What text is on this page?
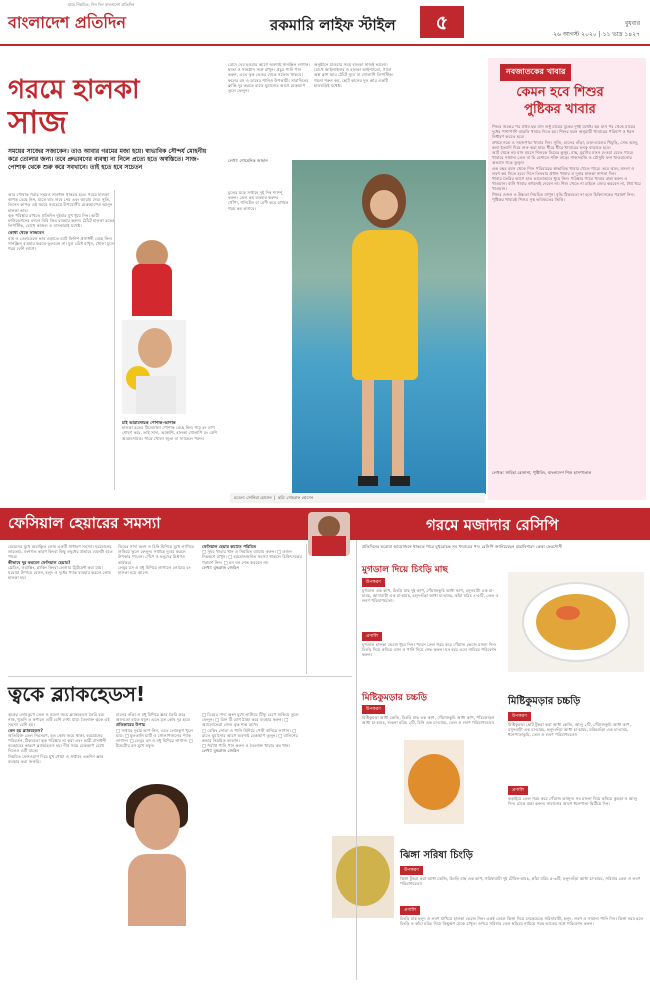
মাহে নিয়মিত, দিন দিন বাংলাদেশ প্রতিদিন
বাংলাদেশ প্রতিদিন	রকমারি লাইফ স্টাইল	৫	বুধবার
২৬ আগস্ট ২০২০ | ১১ ভাদ্র ১৪২৭
গরমে হালকা
সাজ
সময়ের সাজের সজাকেন। তাও আবার গরমের মজা হয়ে। স্বাভাবিক সৌন্দর্য মোহনীয় করে তোলার জন্য। তবে প্রুভাবণের ব্যবস্থা না নিলে প্রত্যে হতে অস্বস্তিতে। সাজ-পোশাক থেকে শুরু করে সবখানে। তাই হতে হবে সচেতন
আর পোষাক পরার সময়ও সাবধান থাকতে হবে। গরমে হালকা কাপড় বেছে নিন, যাতে ঘাম শুষে নেয় এবং আরাম দেয়। সুতি, লিনেন কাপড় এই সময়ে সবচেয়ে উপযোগী। মেকআপেও আনুন হালকা ভাব।
ত্বক পরিষ্কার রাখতে প্রতিদিন দুইবার মুখ ধুয়ে নিন। ভারী ফাউন্ডেশনের বদলে বিবি ক্রিম ব্যবহার করুন। ঠোঁটে হালকা রঙের লিপস্টিক, চোখে কাজল ও মাসকারাই যথেষ্ট।
কোথা থেকে সাজবেন
ঘাম ও তেলতেলে ভাব এড়াতে ম্যাট ফিনিশ প্রসাধনী বেছে নিন। সানস্ক্রিন ব্যবহার করতে ভুলবেন না। চুল বেঁধে রাখুন, খোলা চুলে গরম বেশি লাগে।
চাই আরামদায়ক পোশাক-আশাক
হালকা রঙের ঢিলেঢালা পোশাক বেছে নিন। গাঢ় রং তাপ শোষণ করে, তাই সাদা, আকাশি, হালকা গোলাপি রং বেশি আরামদায়ক। পায়ে খোলা জুতা বা স্যান্ডেল পরুন।
রোদে বের হওয়ার আগে অবশ্যই সানস্ক্রিন লাগান। ছাতা ও সানগ্লাস সঙ্গে রাখুন। প্রচুর পানি পান করুন, এতে ত্বক ভেতর থেকে সতেজ থাকবে। ফলের রস ও ডাবের পানিও উপকারী। সারাদিনের ক্লান্তি দূর করতে রাতে ঘুমানোর আগে মেকআপ তুলে ফেলুন।
লেখা: শোমেনিক জাহান
চুলের যত্নে সপ্তাহে দুই দিন শ্যাম্পু করুন। তেল কম ব্যবহার করুন। খোঁপা, পনিটেল বা বেণী করে রাখলে গরম কম লাগবে।
অনুষ্ঠানে যাওয়ার সময় হালকা সাজই ভালো। চোখে আইলাইনার ও হালকা আইশ্যাডো, গালে অল্প ব্লাশ আর ঠোঁটে ন্যুড বা গোলাপি লিপস্টিক। গয়না পরুন কম, ছোট কানের দুল আর একটি হাতঘড়িই যথেষ্ট।
মডেল: সোনিয়া হোসেন  |  ছবি: সোহরাফ হোসেন
নবজাতকের খাবার
কেমন হবে শিশুর
পুষ্টিকর খাবার
শিশুর জন্মের পর প্রথম ছয় মাস শুধু মায়ের বুকের দুধই যথেষ্ট। ছয় মাস পর থেকে মায়ের দুধের পাশাপাশি বাড়তি খাবার দিতে হয়। শিশুর বয়স অনুযায়ী খাবারের পরিমাণ ও ধরন নির্ধারণ করতে হবে।
প্রথমে নরম ও সহজপাচ্য খাবার দিন। সুজি, চালের গুঁড়া, ডাল-চালের খিচুড়ি, সেদ্ধ আলু, কলা ইত্যাদি দিয়ে শুরু করা যায়। ধীরে ধীরে খাবারের ঘনত্ব বাড়াতে হবে।
আট থেকে নয় মাস বয়সে শিশুকে ডিমের কুসুম, মাছ, মুরগির মাংস দেওয়া যেতে পারে। খাবারে সামান্য তেল বা ঘি মেশালে শক্তি বাড়ে। শাকসবজি ও মৌসুমি ফল খাওয়ানোর অভ্যাস গড়ে তুলুন।
এক বছর বয়স থেকে শিশু পরিবারের স্বাভাবিক খাবার খেতে পারে। তবে ঝাল, মসলা ও লবণ কম দিতে হবে। দিনে তিনবার প্রধান খাবার ও দুবার হালকা নাশতা দিন।
খাবার তৈরির আগে হাত ভালোভাবে ধুয়ে নিন। পরিষ্কার পাত্রে খাবার রান্না করুন ও খাওয়ান। বাসি খাবার কখনোই দেবেন না। শিশু খেতে না চাইলে জোর করবেন না, ধৈর্য ধরে খাওয়ান।
শিশুর ওজন ও উচ্চতা নিয়মিত মাপুন। বৃদ্ধি ঠিকমতো না হলে চিকিৎসকের পরামর্শ নিন। পুষ্টিকর খাবারই শিশুর সুস্থ ভবিষ্যতের ভিত্তি।
লেখক: সাবিহা রেজানা, পুষ্টিবিদ, বাংলাদেশ শিশু হাসপাতাল
ফেসিয়াল হেয়ারের সমস্যা	গরমে মজাদার রেসিপি
মেয়েদের মুখে অবাঞ্ছিত লোম একটি সাধারণ সমস্যা। হরমোনের তারতম্য, বংশগত কারণ কিংবা কিছু ওষুধের প্রভাবে এমনটা হতে পারে।
কীভাবে দূর করবেন ফেসিয়াল হেয়ার?
থ্রেডিং, ওয়াক্সিং, প্লাকিং কিংবা লেজার ট্রিটমেন্ট করা যায়। ঘরোয়া উপায়ে বেসন, হলুদ ও দুধের প্যাক ব্যবহার করলে লোম হালকা হয়।
ডিমের সাদা অংশ ও চিনি মিশিয়ে মুখে লাগিয়ে শুকিয়ে তুলে ফেলুন। সপ্তাহে দুবার করলে উপকার পাবেন। পেঁপে ও হলুদের মিশ্রণও কার্যকর।
লেবুর রস ও মধু মিশিয়ে লাগালে লোমের রং হালকা হয়ে আসে।
ফেসিয়াল হেয়ার কমাতে পরিমিত
□ সুষম খাবার খান ও নিয়মিত ব্যায়াম করুন। □ ওজন নিয়ন্ত্রণে রাখুন। □ হরমোনজনিত সমস্যা থাকলে চিকিৎসকের পরামর্শ নিন। □ ঘন ঘন শেভ করবেন না।
লেখা: বুদ্ধরাজ জেরিন
প্রতিদিনের ঘরোয়া আয়োজনে থাকতে পারে মুখরোচক সব খাবারের পদ। রেসিপি জানিয়েছেন রান্নাবিশারদ কেকা ফেরদৌসী
মুগডাল দিয়ে চিংড়ি মাছ
উপকরণ
মুগডাল এক কাপ, চিংড়ি মাছ দুই কাপ, পেঁয়াজকুচি আধা কাপ, রসুনবাটা এক চা-চামচ, আদাবাটা এক চা-চামচ, হলুদগুঁড়া আধা চা-চামচ, কাঁচা মরিচ ৪-৫টি, তেল ও লবণ পরিমাণমতো।
প্রণালি
মুগডাল হালকা ভেজে ধুয়ে নিন। প্যানে তেল গরম করে পেঁয়াজ ভেজে মসলা দিন। চিংড়ি দিয়ে কষিয়ে ডাল ও পানি দিয়ে সেদ্ধ করুন। ঘন হয়ে এলে নামিয়ে পরিবেশন করুন।
মিষ্টিকুমড়ার চচ্চড়ি
উপকরণ
মিষ্টিকুমড়া আধা কেজি, চিংড়ি মাছ এক কাপ, পেঁয়াজকুচি আধা কাপ, পাঁচফোড়ন আধা চা-চামচ, শুকনা মরিচ ২টি, চিনি এক চা-চামচ, তেল ও লবণ পরিমাণমতো।
মিষ্টিকুমড়ার চচ্চড়ি
উপকরণ
মিষ্টিকুমড়া ছোট টুকরা করা আধা কেজি, আলু ২টি, পেঁয়াজকুচি আধা কাপ, রসুনবাটা এক চা-চামচ, হলুদগুঁড়া আধা চা-চামচ, মরিচগুঁড়া এক চা-চামচ, ধনেপাতাকুচি, তেল ও লবণ পরিমাণমতো।
প্রণালি
কড়াইয়ে তেল গরম করে পেঁয়াজ ভাজুন। সব মসলা দিয়ে কষিয়ে কুমড়া ও আলু দিন। ঢেকে রান্না করুন। নামানোর আগে ধনেপাতা ছিটিয়ে দিন।
ঝিঙ্গা সরিষা চিংড়ি
উপকরণ
ঝিঙ্গা টুকরা করা আধা কেজি, চিংড়ি মাছ এক কাপ, সরিষাবাটা দুই টেবিল-চামচ, কাঁচা মরিচ ৫-৬টি, হলুদগুঁড়া আধা চা-চামচ, সরিষার তেল ও লবণ পরিমাণমতো।
প্রণালি
চিংড়ি মাছ হলুদ ও লবণ মাখিয়ে হালকা ভেজে নিন। একই তেলে ঝিঙ্গা দিয়ে নেড়েচেড়ে সরিষাবাটা, হলুদ, লবণ ও সামান্য পানি দিন। ঝিঙ্গা নরম হলে চিংড়ি ও কাঁচা মরিচ দিয়ে কিছুক্ষণ ঢেকে রাখুন। ওপরে সরিষার তেল ছড়িয়ে নামিয়ে গরম ভাতের সঙ্গে পরিবেশন করুন।
ত্বকে ব্ল্যাকহেডস!
ত্বকের লোমকূপে তেল ও ময়লা জমে ব্ল্যাকহেডস তৈরি হয়। নাক, থুতনি ও কপালে এটি বেশি দেখা যায়। তৈলাক্ত ত্বকে এই সমস্যা বেশি হয়।
কেন হয় ব্ল্যাকহেডস?
অতিরিক্ত তেল নিঃসরণ, মৃত কোষ জমে থাকা, হরমোনের পরিবর্তন, ঠিকমতো ত্বক পরিষ্কার না করা এবং ভারী প্রসাধনী ব্যবহারের কারণে ব্ল্যাকহেডস হয়। দীর্ঘ সময় মেকআপ রেখে দিলেও এটি বাড়ে।
নিয়মিত ফেসওয়াশ দিয়ে মুখ ধোয়া ও সপ্তাহে একদিন স্ক্রাব ব্যবহার করা জরুরি।
চালের গুঁড়া ও মধু মিশিয়ে স্ক্রাব তৈরি করে আলতো হাতে ঘষুন। এতে মৃত কোষ দূর হবে।
প্রতিকারের উপায়
□ সপ্তাহে দুবার ভাপ নিন, এতে লোমকূপ খুলে যায়। □ মুলতানি মাটি ও গোলাপজলের প্যাক লাগান। □ লেবুর রস ও মধু মিশিয়ে লাগান। □ টমেটোর রস মুখে ঘষুন।
□ ডিমের সাদা অংশ মুখে লাগিয়ে টিস্যু চেপে শুকিয়ে তুলে ফেলুন। □ গ্রিন টি ব্যাগ ঠান্ডা করে ব্যবহার করুন। □ অ্যালোভেরা জেল ত্বক শান্ত রাখে।
□ বেকিং সোডা ও পানি মিশিয়ে পেস্ট বানিয়ে লাগান। □ রাতে ঘুমানোর আগে অবশ্যই মেকআপ তুলুন। □ বালিশের কভার নিয়মিত বদলান।
□ পর্যাপ্ত পানি পান করুন ও তৈলাক্ত খাবার কম খান।
লেখা: বুদ্ধরাজ জেরিন
